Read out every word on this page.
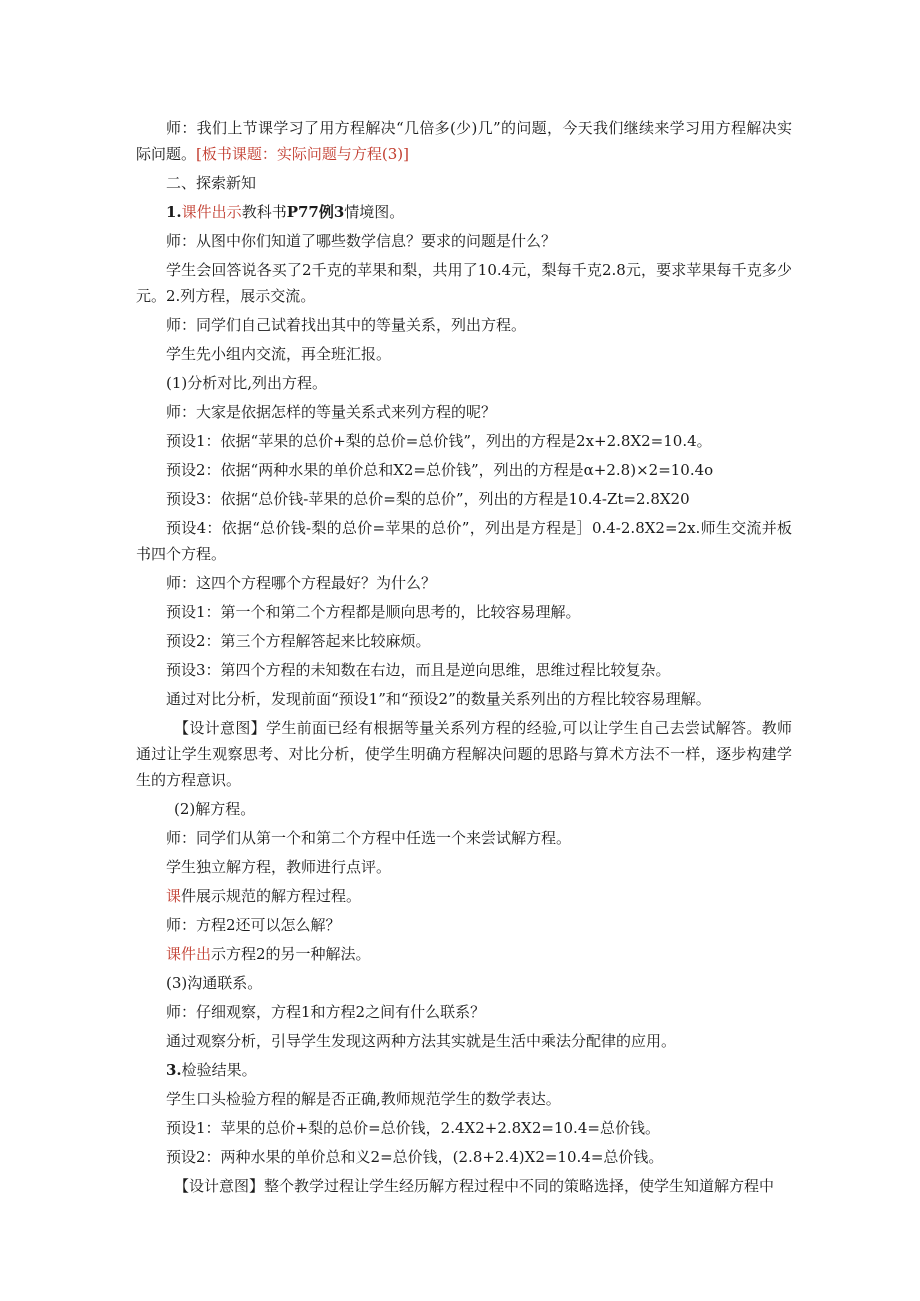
师：我们上节课学习了用方程解决“几倍多(少)几”的问题，今天我们继续来学习用方程解决实际问题。[板书课题：实际问题与方程(3)]

二、探索新知

1.课件出示教科书P77例3情境图。

师：从图中你们知道了哪些数学信息？要求的问题是什么？

学生会回答说各买了2千克的苹果和梨，共用了10.4元，梨每千克2.8元，要求苹果每千克多少元。2.列方程，展示交流。

师：同学们自己试着找出其中的等量关系，列出方程。

学生先小组内交流，再全班汇报。

(1)分析对比,列出方程。

师：大家是依据怎样的等量关系式来列方程的呢？

预设1：依据“苹果的总价+梨的总价=总价钱”，列出的方程是2x+2.8X2=10.4。

预设2：依据“两种水果的单价总和X2=总价钱”，列出的方程是α+2.8)×2=10.4o

预设3：依据“总价钱-苹果的总价=梨的总价”，列出的方程是10.4-Zt=2.8X20

预设4：依据“总价钱-梨的总价=苹果的总价”，列出是方程是］0.4-2.8X2=2x.师生交流并板书四个方程。

师：这四个方程哪个方程最好？为什么？

预设1：第一个和第二个方程都是顺向思考的，比较容易理解。

预设2：第三个方程解答起来比较麻烦。

预设3：第四个方程的未知数在右边，而且是逆向思维，思维过程比较复杂。

通过对比分析，发现前面“预设1”和“预设2”的数量关系列出的方程比较容易理解。

【设计意图】学生前面已经有根据等量关系列方程的经验,可以让学生自己去尝试解答。教师通过让学生观察思考、对比分析，使学生明确方程解决问题的思路与算术方法不一样，逐步构建学生的方程意识。

(2)解方程。

师：同学们从第一个和第二个方程中任选一个来尝试解方程。

学生独立解方程，教师进行点评。

课件展示规范的解方程过程。

师：方程2还可以怎么解？

课件出示方程2的另一种解法。

(3)沟通联系。

师：仔细观察，方程1和方程2之间有什么联系？

通过观察分析，引导学生发现这两种方法其实就是生活中乘法分配律的应用。

3.检验结果。

学生口头检验方程的解是否正确,教师规范学生的数学表达。

预设1：苹果的总价+梨的总价=总价钱，2.4X2+2.8X2=10.4=总价钱。

预设2：两种水果的单价总和义2=总价钱，(2.8+2.4)X2=10.4=总价钱。

【设计意图】整个教学过程让学生经历解方程过程中不同的策略选择，使学生知道解方程中
